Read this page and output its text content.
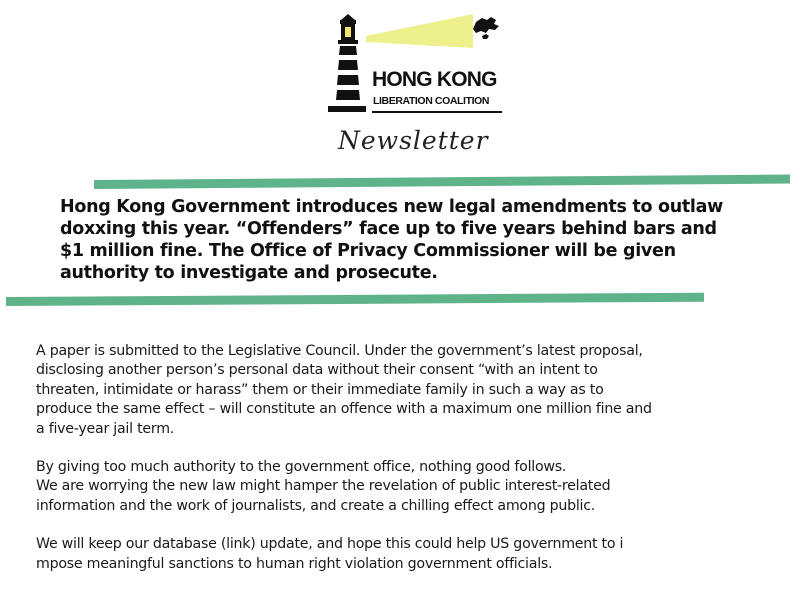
HONG KONG
LIBERATION COALITION
Newsletter
Hong Kong Government introduces new legal amendments to outlaw
doxxing this year. “Offenders” face up to five years behind bars and
$1 million fine. The Office of Privacy Commissioner will be given
authority to investigate and prosecute.

A paper is submitted to the Legislative Council. Under the government’s latest proposal,
disclosing another person’s personal data without their consent “with an intent to
threaten, intimidate or harass” them or their immediate family in such a way as to
produce the same effect – will constitute an offence with a maximum one million fine and
a five-year jail term.

By giving too much authority to the government office, nothing good follows.
We are worrying the new law might hamper the revelation of public interest-related
information and the work of journalists, and create a chilling effect among public.

We will keep our database (link) update, and hope this could help US government to i
mpose meaningful sanctions to human right violation government officials.
